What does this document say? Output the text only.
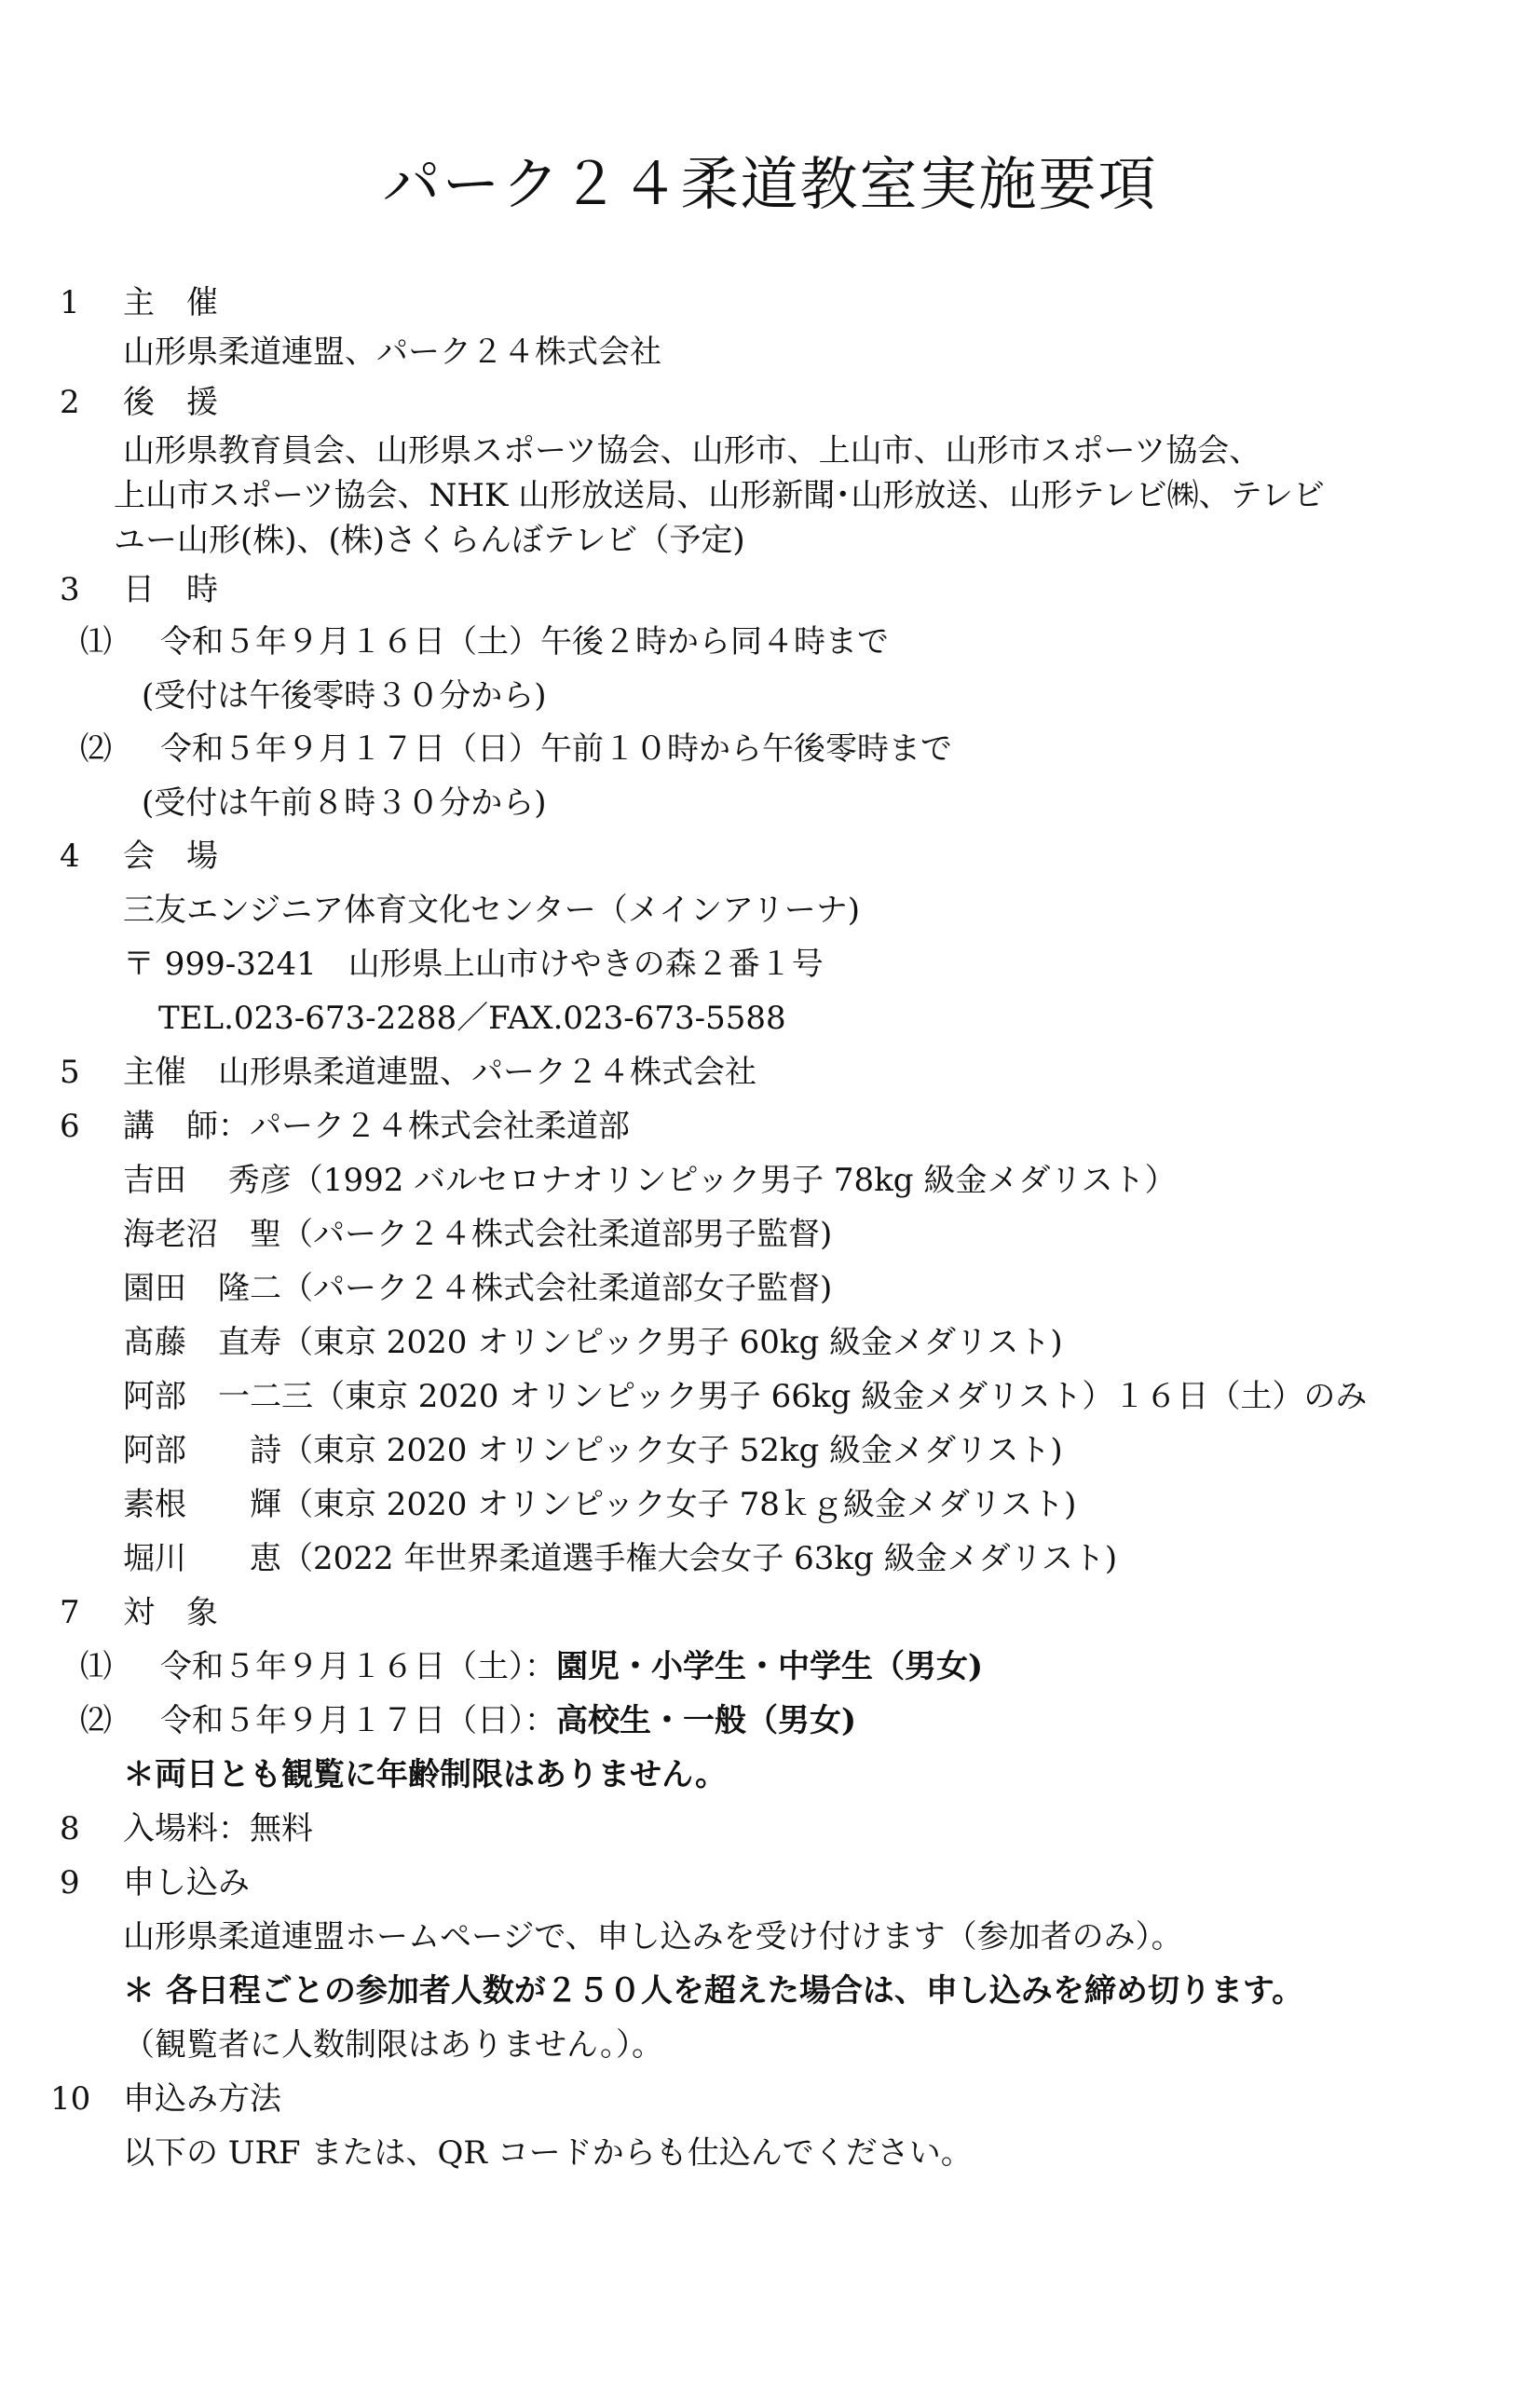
パーク２４柔道教室実施要項
1 主　催
山形県柔道連盟、パーク２４株式会社
2 後　援
山形県教育員会、山形県スポーツ協会、山形市、上山市、山形市スポーツ協会、
上山市スポーツ協会、NHK 山形放送局、山形新聞･山形放送、山形テレビ㈱、テレビ
ユー山形(株)、(株)さくらんぼテレビ（予定)
3 日　時
⑴ 令和５年９月１６日（土）午後２時から同４時まで
(受付は午後零時３０分から)
⑵ 令和５年９月１７日（日）午前１０時から午後零時まで
(受付は午前８時３０分から)
4 会　場
三友エンジニア体育文化センター（メインアリーナ)
〒 999-3241　山形県上山市けやきの森２番１号
TEL.023-673-2288／FAX.023-673-5588
5 主催　山形県柔道連盟、パーク２４株式会社
6 講　師：パーク２４株式会社柔道部
吉田　 秀彦（1992 バルセロナオリンピック男子 78kg 級金メダリスト）
海老沼　聖（パーク２４株式会社柔道部男子監督)
園田　隆二（パーク２４株式会社柔道部女子監督)
髙藤　直寿（東京 2020 オリンピック男子 60kg 級金メダリスト)
阿部　一二三（東京 2020 オリンピック男子 66kg 級金メダリスト）１６日（土）のみ
阿部　　詩（東京 2020 オリンピック女子 52kg 級金メダリスト)
素根　　輝（東京 2020 オリンピック女子 78ｋｇ級金メダリスト)
堀川　　恵（2022 年世界柔道選手権大会女子 63kg 級金メダリスト)
7 対　象
⑴ 令和５年９月１６日（土）：園児・小学生・中学生（男女)
⑵ 令和５年９月１７日（日）：高校生・一般（男女)
＊両日とも観覧に年齢制限はありません。
8 入場料：無料
9 申し込み
山形県柔道連盟ホームページで、申し込みを受け付けます（参加者のみ）。
＊ 各日程ごとの参加者人数が２５０人を超えた場合は、申し込みを締め切ります。
（観覧者に人数制限はありません。）。
10 申込み方法
以下の URF または、QR コードからも仕込んでください。
